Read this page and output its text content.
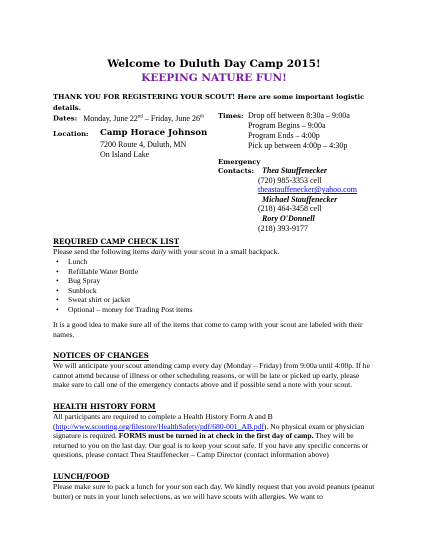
Welcome to Duluth Day Camp 2015!
KEEPING NATURE FUN!
THANK YOU FOR REGISTERING YOUR SCOUT! Here are some important logistic details.
Dates: Monday, June 22nd – Friday, June 26th Times: Drop off between 8:30a – 9:00a
Program Begins – 9:00a
Program Ends – 4:00p
Pick up between 4:00p – 4:30p
Location: Camp Horace Johnson
7200 Route 4, Duluth, MN
On Island Lake
Emergency
Contacts: Thea Stauffenecker
(720) 985-3353 cell
theastauffenecker@yahoo.com
Michael Stauffenecker
(218) 464-3458 cell
Rory O'Donnell
(218) 393-9177
REQUIRED CAMP CHECK LIST
Please send the following items daily with your scout in a small backpack.
• Lunch
• Refillable Water Bottle
• Bug Spray
• Sunblock
• Sweat shirt or jacket
• Optional – money for Trading Post items
It is a good idea to make sure all of the items that come to camp with your scout are labeled with their names.
NOTICES OF CHANGES
We will anticipate your scout attending camp every day (Monday – Friday) from 9:00a until 4:00p. If he cannot attend because of illness or other scheduling reasons, or will be late or picked up early, please make sure to call one of the emergency contacts above and if possible send a note with your scout.
HEALTH HISTORY FORM
All participants are required to complete a Health History Form A and B (http://www.scouting.org/filestore/HealthSafety/pdf/680-001_AB.pdf). No physical exam or physician signature is required. FORMS must be turned in at check in the first day of camp. They will be returned to you on the last day. Our goal is to keep your scout safe. If you have any specific concerns or questions, please contact Thea Stauffenecker – Camp Director (contact information above)
LUNCH/FOOD
Please make sure to pack a lunch for your son each day. We kindly request that you avoid peanuts (peanut butter) or nuts in your lunch selections, as we will have scouts with allergies. We want to
